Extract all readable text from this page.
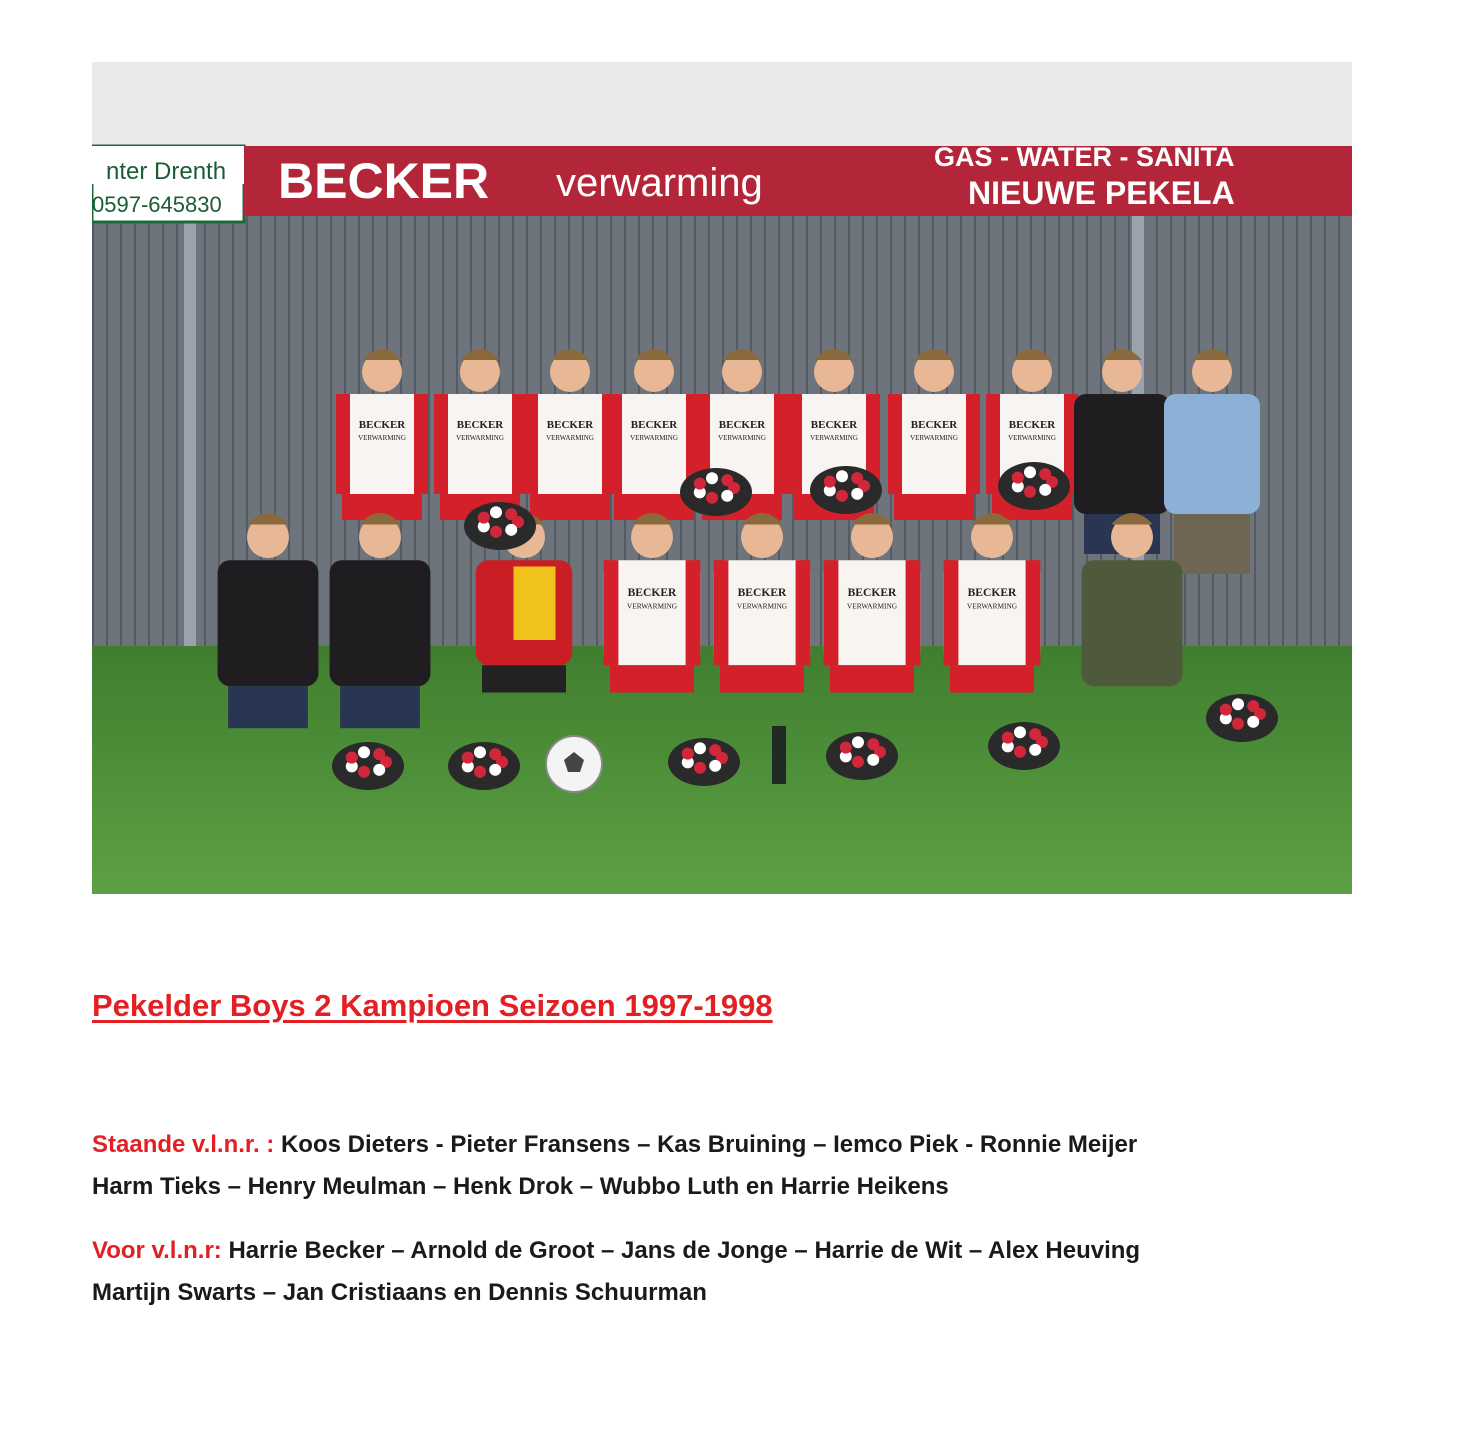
nter Drenth
0597-645830 BECKER verwarming
GAS - WATER - SANITA
NIEUWE PEKELA
BECKER
VERWARMING
BECKER
VERWARMING
BECKER
VERWARMING
BECKER
VERWARMING
BECKER
VERWARMING
BECKER
VERWARMING
BECKER
VERWARMING
BECKER
VERWARMING
BECKER
VERWARMING
BECKER
VERWARMING
BECKER
VERWARMING
BECKER
VERWARMING
Pekelder Boys 2 Kampioen Seizoen 1997-1998

Staande v.l.n.r. : Koos Dieters - Pieter Fransens – Kas Bruining – Iemco Piek - Ronnie Meijer
Harm Tieks – Henry Meulman – Henk Drok – Wubbo Luth en Harrie Heikens

Voor v.l.n.r: Harrie Becker – Arnold de Groot – Jans de Jonge – Harrie de Wit – Alex Heuving
Martijn Swarts – Jan Cristiaans en Dennis Schuurman
